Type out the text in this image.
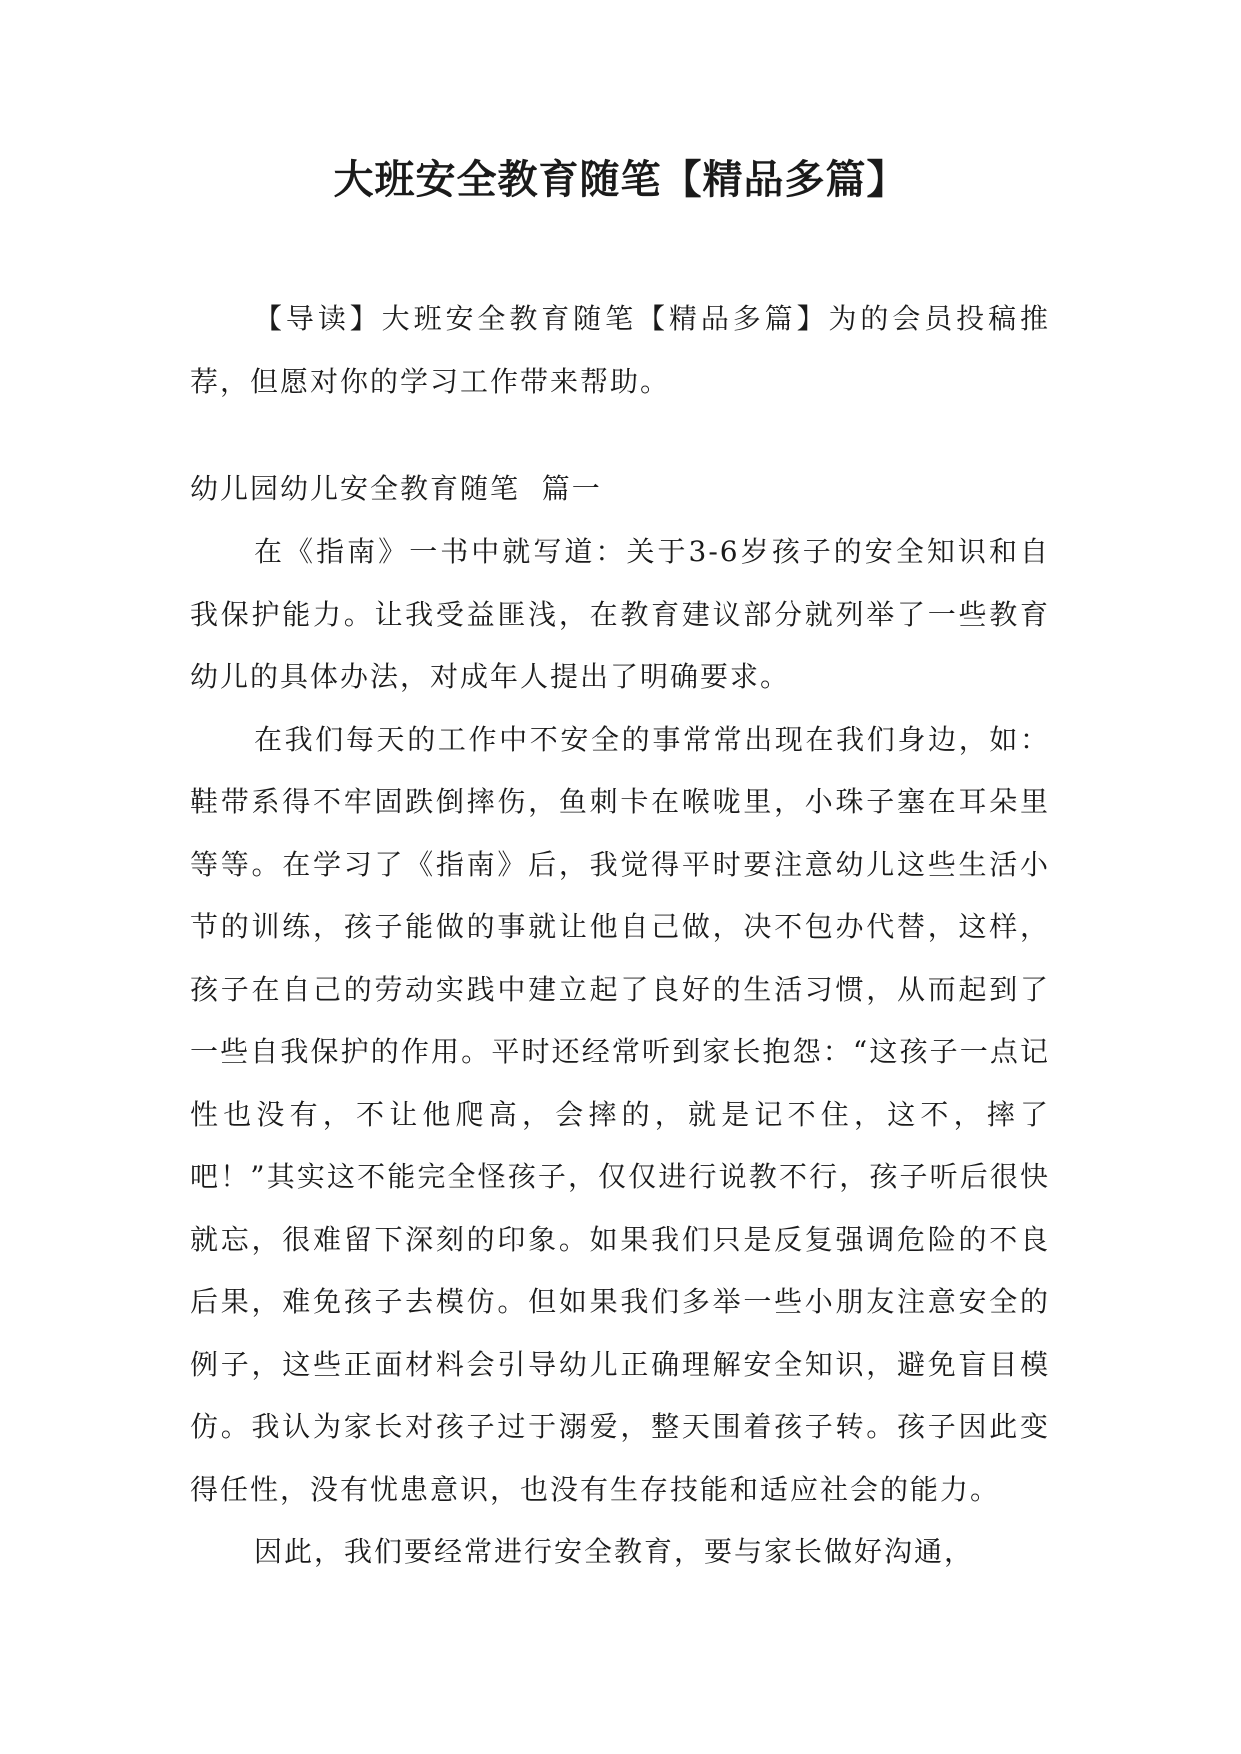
大班安全教育随笔【精品多篇】

【导读】大班安全教育随笔【精品多篇】为的会员投稿推荐，但愿对你的学习工作带来帮助。

幼儿园幼儿安全教育随笔  篇一

在《指南》一书中就写道：关于3-6岁孩子的安全知识和自我保护能力。让我受益匪浅，在教育建议部分就列举了一些教育幼儿的具体办法，对成年人提出了明确要求。

在我们每天的工作中不安全的事常常出现在我们身边，如：鞋带系得不牢固跌倒摔伤，鱼刺卡在喉咙里，小珠子塞在耳朵里等等。在学习了《指南》后，我觉得平时要注意幼儿这些生活小节的训练，孩子能做的事就让他自己做，决不包办代替，这样，孩子在自己的劳动实践中建立起了良好的生活习惯，从而起到了一些自我保护的作用。平时还经常听到家长抱怨：“这孩子一点记性也没有，不让他爬高，会摔的，就是记不住，这不，摔了吧！”其实这不能完全怪孩子，仅仅进行说教不行，孩子听后很快就忘，很难留下深刻的印象。如果我们只是反复强调危险的不良后果，难免孩子去模仿。但如果我们多举一些小朋友注意安全的例子，这些正面材料会引导幼儿正确理解安全知识，避免盲目模仿。我认为家长对孩子过于溺爱，整天围着孩子转。孩子因此变得任性，没有忧患意识，也没有生存技能和适应社会的能力。

因此，我们要经常进行安全教育，要与家长做好沟通，
